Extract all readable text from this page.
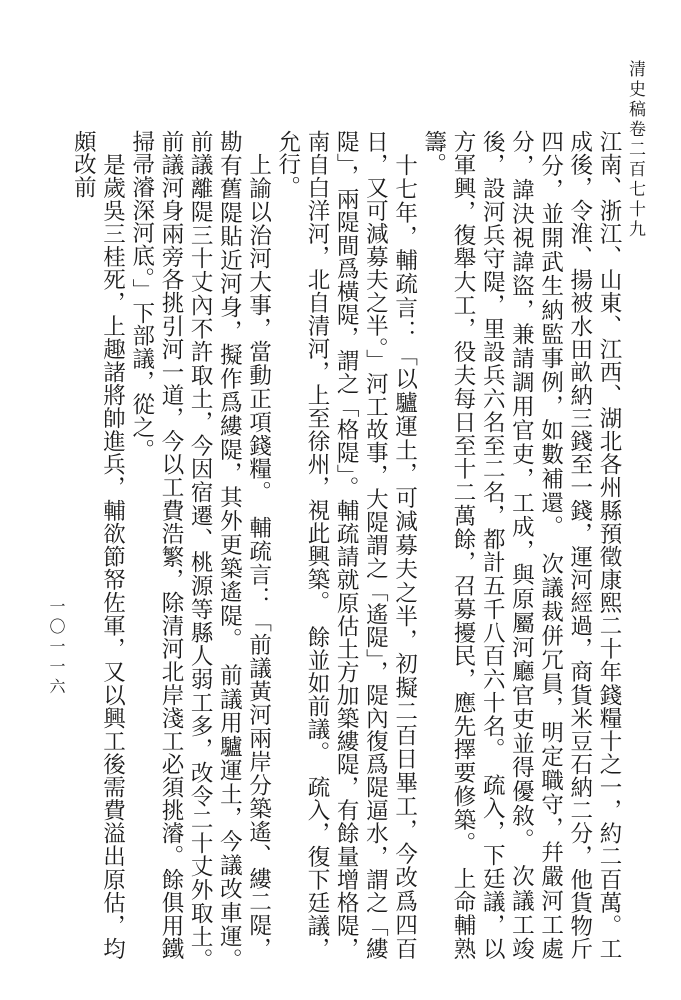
清史稿卷二百七十九

江南、浙江、山東、江西、湖北各州縣預徵康熙二十年錢糧十之一，約二百萬。工成後，令淮、揚被水田畝納三錢至一錢，運河經過，商貨米豆石納二分，他貨物斤四分，並開武生納監事例，如數補還。　次議裁併冗員，明定職守，幷嚴河工處分，諱決視諱盜，兼請調用官吏，工成，與原屬河廳官吏並得優敘。　次議工竣後，設河兵守隄，里設兵六名至二名，都計五千八百六十名。　疏入，下廷議，以方軍興，復舉大工，役夫每日至十二萬餘，召募擾民，應先擇要修築。　上命輔熟籌。

　十七年，輔疏言：「以驢運土，可減募夫之半，初擬二百日畢工，今改爲四百日，又可減募夫之半。」河工故事，大隄謂之「遙隄」，隄內復爲隄逼水，謂之「縷隄」，兩隄間爲橫隄，謂之「格隄」。輔疏請就原估土方加築縷隄，有餘量增格隄，南自白洋河，北自清河，上至徐州，視此興築。　餘並如前議。　疏入，復下廷議，允行。

　上諭以治河大事，當動正項錢糧。　輔疏言：「前議黃河兩岸分築遙、縷二隄，勘有舊隄貼近河身，擬作爲縷隄，其外更築遙隄。　前議用驢運土，今議改車運。　前議離隄三十丈內不許取土，今因宿遷、桃源等縣人弱工多，改令二十丈外取土。　前議河身兩旁各挑引河一道，今以工費浩繁，除清河北岸淺工必須挑濬。餘俱用鐵掃帚濬深河底。」下部議，從之。

　是歲吳三桂死，上趣諸將帥進兵，輔欲節帑佐軍，又以興工後需費溢出原估，均頗改前

一〇一一六
